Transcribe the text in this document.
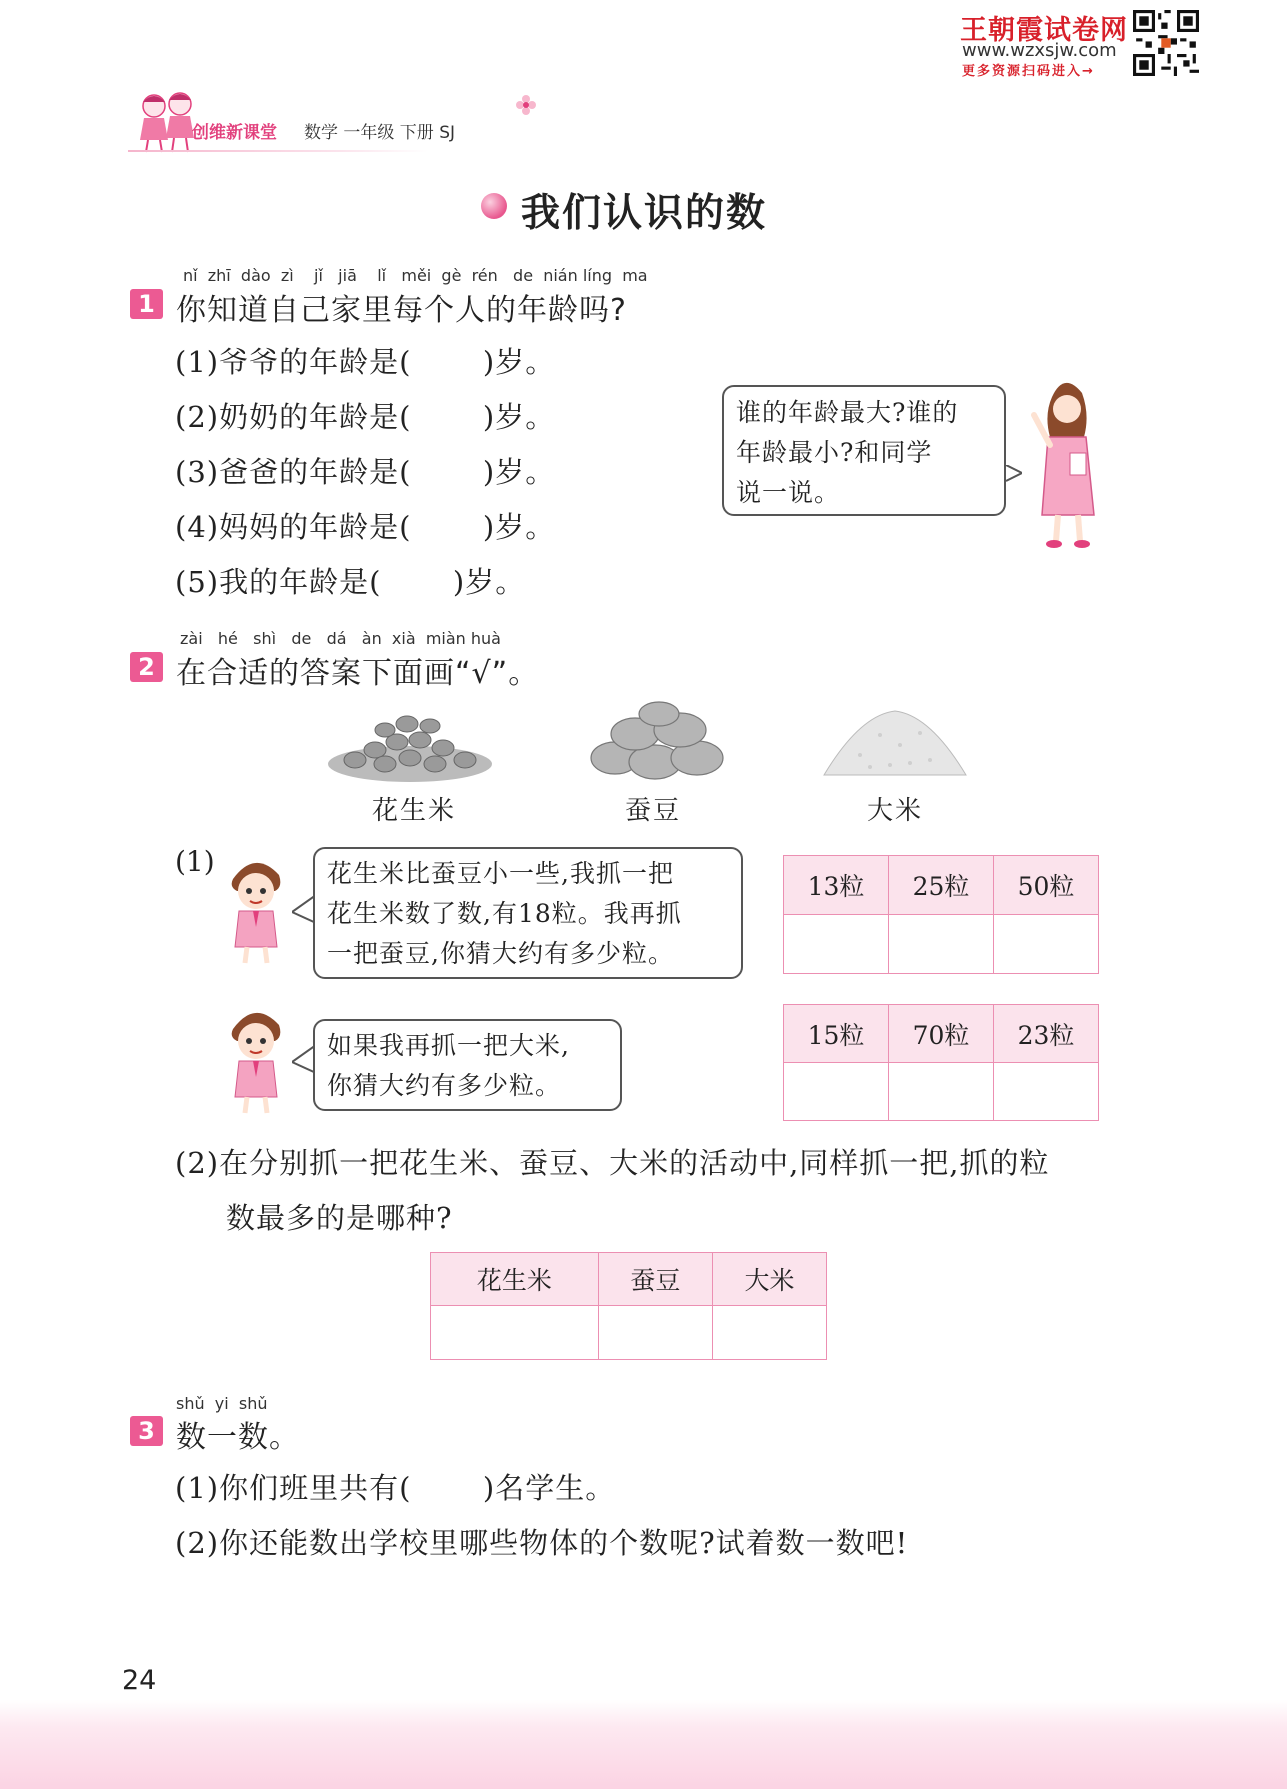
王朝霞试卷网
www.wzxsjw.com
更多资源扫码进入→
创维新课堂 数学 一年级 下册 SJ
我们认识的数
nǐ  zhī  dào  zì    jǐ   jiā    lǐ   měi  gè  rén   de  nián líng  ma
1 你知道自己家里每个人的年龄吗?
(1)爷爷的年龄是(       )岁。
(2)奶奶的年龄是(       )岁。
(3)爸爸的年龄是(       )岁。
(4)妈妈的年龄是(       )岁。
(5)我的年龄是(       )岁。
谁的年龄最大?谁的
年龄最小?和同学
说一说。
zài   hé   shì   de   dá   àn  xià  miàn huà
2 在合适的答案下面画“√”。
花生米	蚕豆	大米
(1)	花生米比蚕豆小一些,我抓一把
花生米数了数,有18粒。我再抓
一把蚕豆,你猜大约有多少粒。
13粒	25粒	50粒

如果我再抓一把大米,
你猜大约有多少粒。
15粒	70粒	23粒

(2)在分别抓一把花生米、蚕豆、大米的活动中,同样抓一把,抓的粒
数最多的是哪种?
花生米	蚕豆	大米

shǔ  yi  shǔ
3 数一数。
(1)你们班里共有(       )名学生。
(2)你还能数出学校里哪些物体的个数呢?试着数一数吧!
24
